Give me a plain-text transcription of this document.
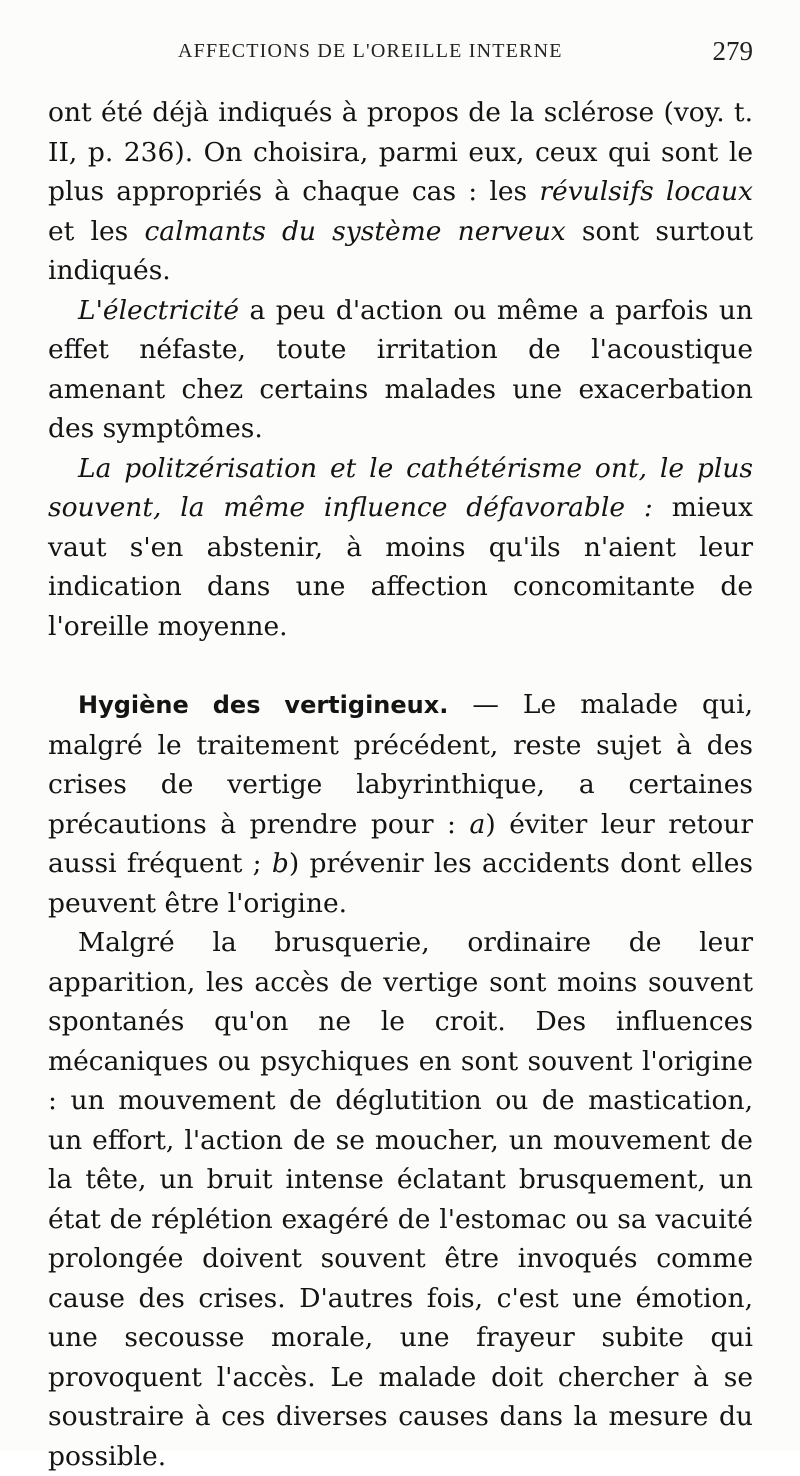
AFFECTIONS DE L'OREILLE INTERNE	279

ont été déjà indiqués à propos de la sclérose (voy. t. II, p. 236). On choisira, parmi eux, ceux qui sont le plus appropriés à chaque cas : les révulsifs locaux et les calmants du système nerveux sont surtout indiqués.

L'électricité a peu d'action ou même a parfois un effet néfaste, toute irritation de l'acoustique amenant chez certains malades une exacerbation des symptômes.

La politzérisation et le cathétérisme ont, le plus souvent, la même influence défavorable : mieux vaut s'en abstenir, à moins qu'ils n'aient leur indication dans une affection concomitante de l'oreille moyenne.

Hygiène des vertigineux. — Le malade qui, malgré le traitement précédent, reste sujet à des crises de vertige labyrinthique, a certaines précautions à prendre pour : a) éviter leur retour aussi fréquent ; b) prévenir les accidents dont elles peuvent être l'origine.

Malgré la brusquerie, ordinaire de leur apparition, les accès de vertige sont moins souvent spontanés qu'on ne le croit. Des influences mécaniques ou psychiques en sont souvent l'origine : un mouvement de déglutition ou de mastication, un effort, l'action de se moucher, un mouvement de la tête, un bruit intense éclatant brusquement, un état de réplétion exagéré de l'estomac ou sa vacuité prolongée doivent souvent être invoqués comme cause des crises. D'autres fois, c'est une émotion, une secousse morale, une frayeur subite qui provoquent l'accès. Le malade doit chercher à se soustraire à ces diverses causes dans la mesure du possible.
